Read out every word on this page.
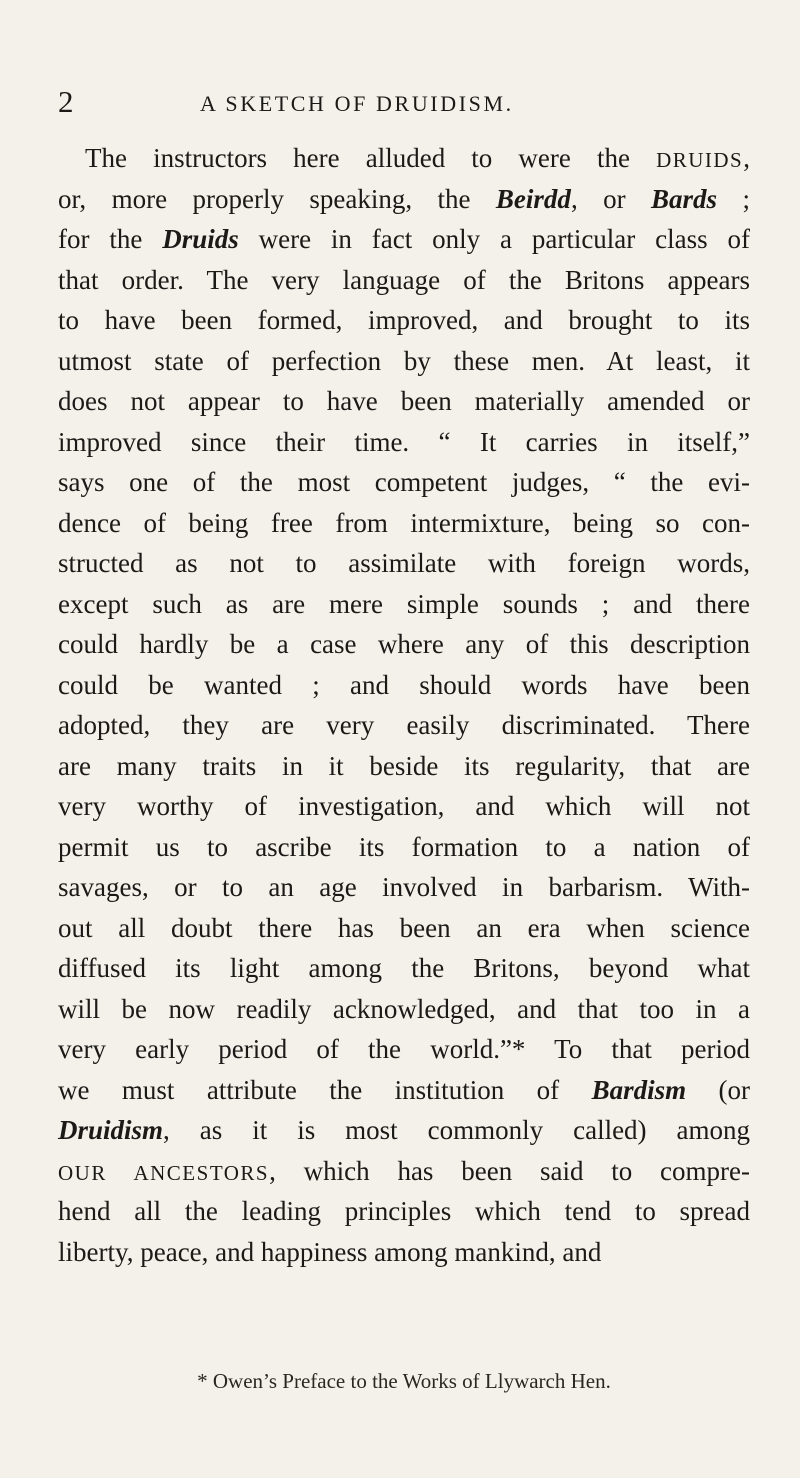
2	A SKETCH OF DRUIDISM.
The instructors here alluded to were the DRUIDS,
or, more properly speaking, the Beirdd, or Bards ;
for the Druids were in fact only a particular class of
that order. The very language of the Britons appears
to have been formed, improved, and brought to its
utmost state of perfection by these men. At least, it
does not appear to have been materially amended or
improved since their time. “ It carries in itself,”
says one of the most competent judges, “ the evi-
dence of being free from intermixture, being so con-
structed as not to assimilate with foreign words,
except such as are mere simple sounds ; and there
could hardly be a case where any of this description
could be wanted ; and should words have been
adopted, they are very easily discriminated. There
are many traits in it beside its regularity, that are
very worthy of investigation, and which will not
permit us to ascribe its formation to a nation of
savages, or to an age involved in barbarism. With-
out all doubt there has been an era when science
diffused its light among the Britons, beyond what
will be now readily acknowledged, and that too in a
very early period of the world.”* To that period
we must attribute the institution of Bardism (or
Druidism, as it is most commonly called) among
OUR ANCESTORS, which has been said to compre-
hend all the leading principles which tend to spread
liberty, peace, and happiness among mankind, and
* Owen’s Preface to the Works of Llywarch Hen.
